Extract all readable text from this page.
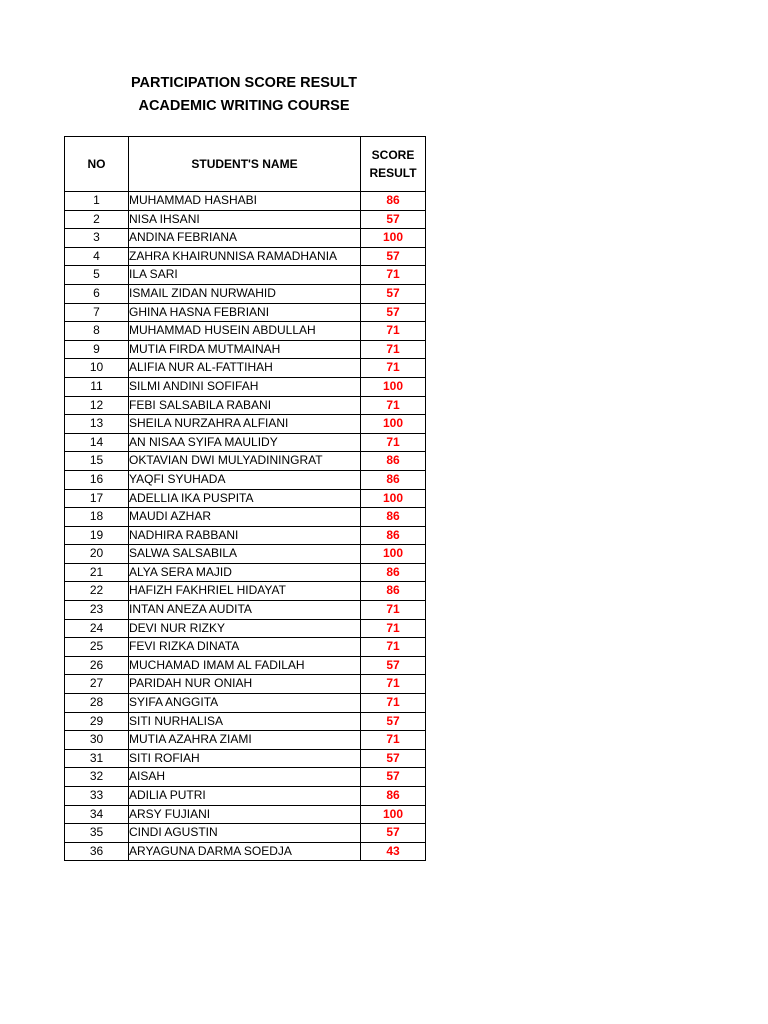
PARTICIPATION SCORE RESULT
ACADEMIC WRITING COURSE
NO	STUDENT'S NAME	SCORE
RESULT
1	MUHAMMAD HASHABI	86
2	NISA IHSANI	57
3	ANDINA FEBRIANA	100
4	ZAHRA KHAIRUNNISA RAMADHANIA	57
5	ILA SARI	71
6	ISMAIL ZIDAN NURWAHID	57
7	GHINA HASNA FEBRIANI	57
8	MUHAMMAD HUSEIN ABDULLAH	71
9	MUTIA FIRDA MUTMAINAH	71
10	ALIFIA NUR AL-FATTIHAH	71
11	SILMI ANDINI SOFIFAH	100
12	FEBI SALSABILA RABANI	71
13	SHEILA NURZAHRA ALFIANI	100
14	AN NISAA SYIFA MAULIDY	71
15	OKTAVIAN DWI MULYADININGRAT	86
16	YAQFI SYUHADA	86
17	ADELLIA IKA PUSPITA	100
18	MAUDI AZHAR	86
19	NADHIRA RABBANI	86
20	SALWA SALSABILA	100
21	ALYA SERA MAJID	86
22	HAFIZH FAKHRIEL HIDAYAT	86
23	INTAN ANEZA AUDITA	71
24	DEVI NUR RIZKY	71
25	FEVI RIZKA DINATA	71
26	MUCHAMAD IMAM AL FADILAH	57
27	PARIDAH NUR ONIAH	71
28	SYIFA ANGGITA	71
29	SITI NURHALISA	57
30	MUTIA AZAHRA ZIAMI	71
31	SITI ROFIAH	57
32	AISAH	57
33	ADILIA PUTRI	86
34	ARSY FUJIANI	100
35	CINDI AGUSTIN	57
36	ARYAGUNA DARMA SOEDJA	43
